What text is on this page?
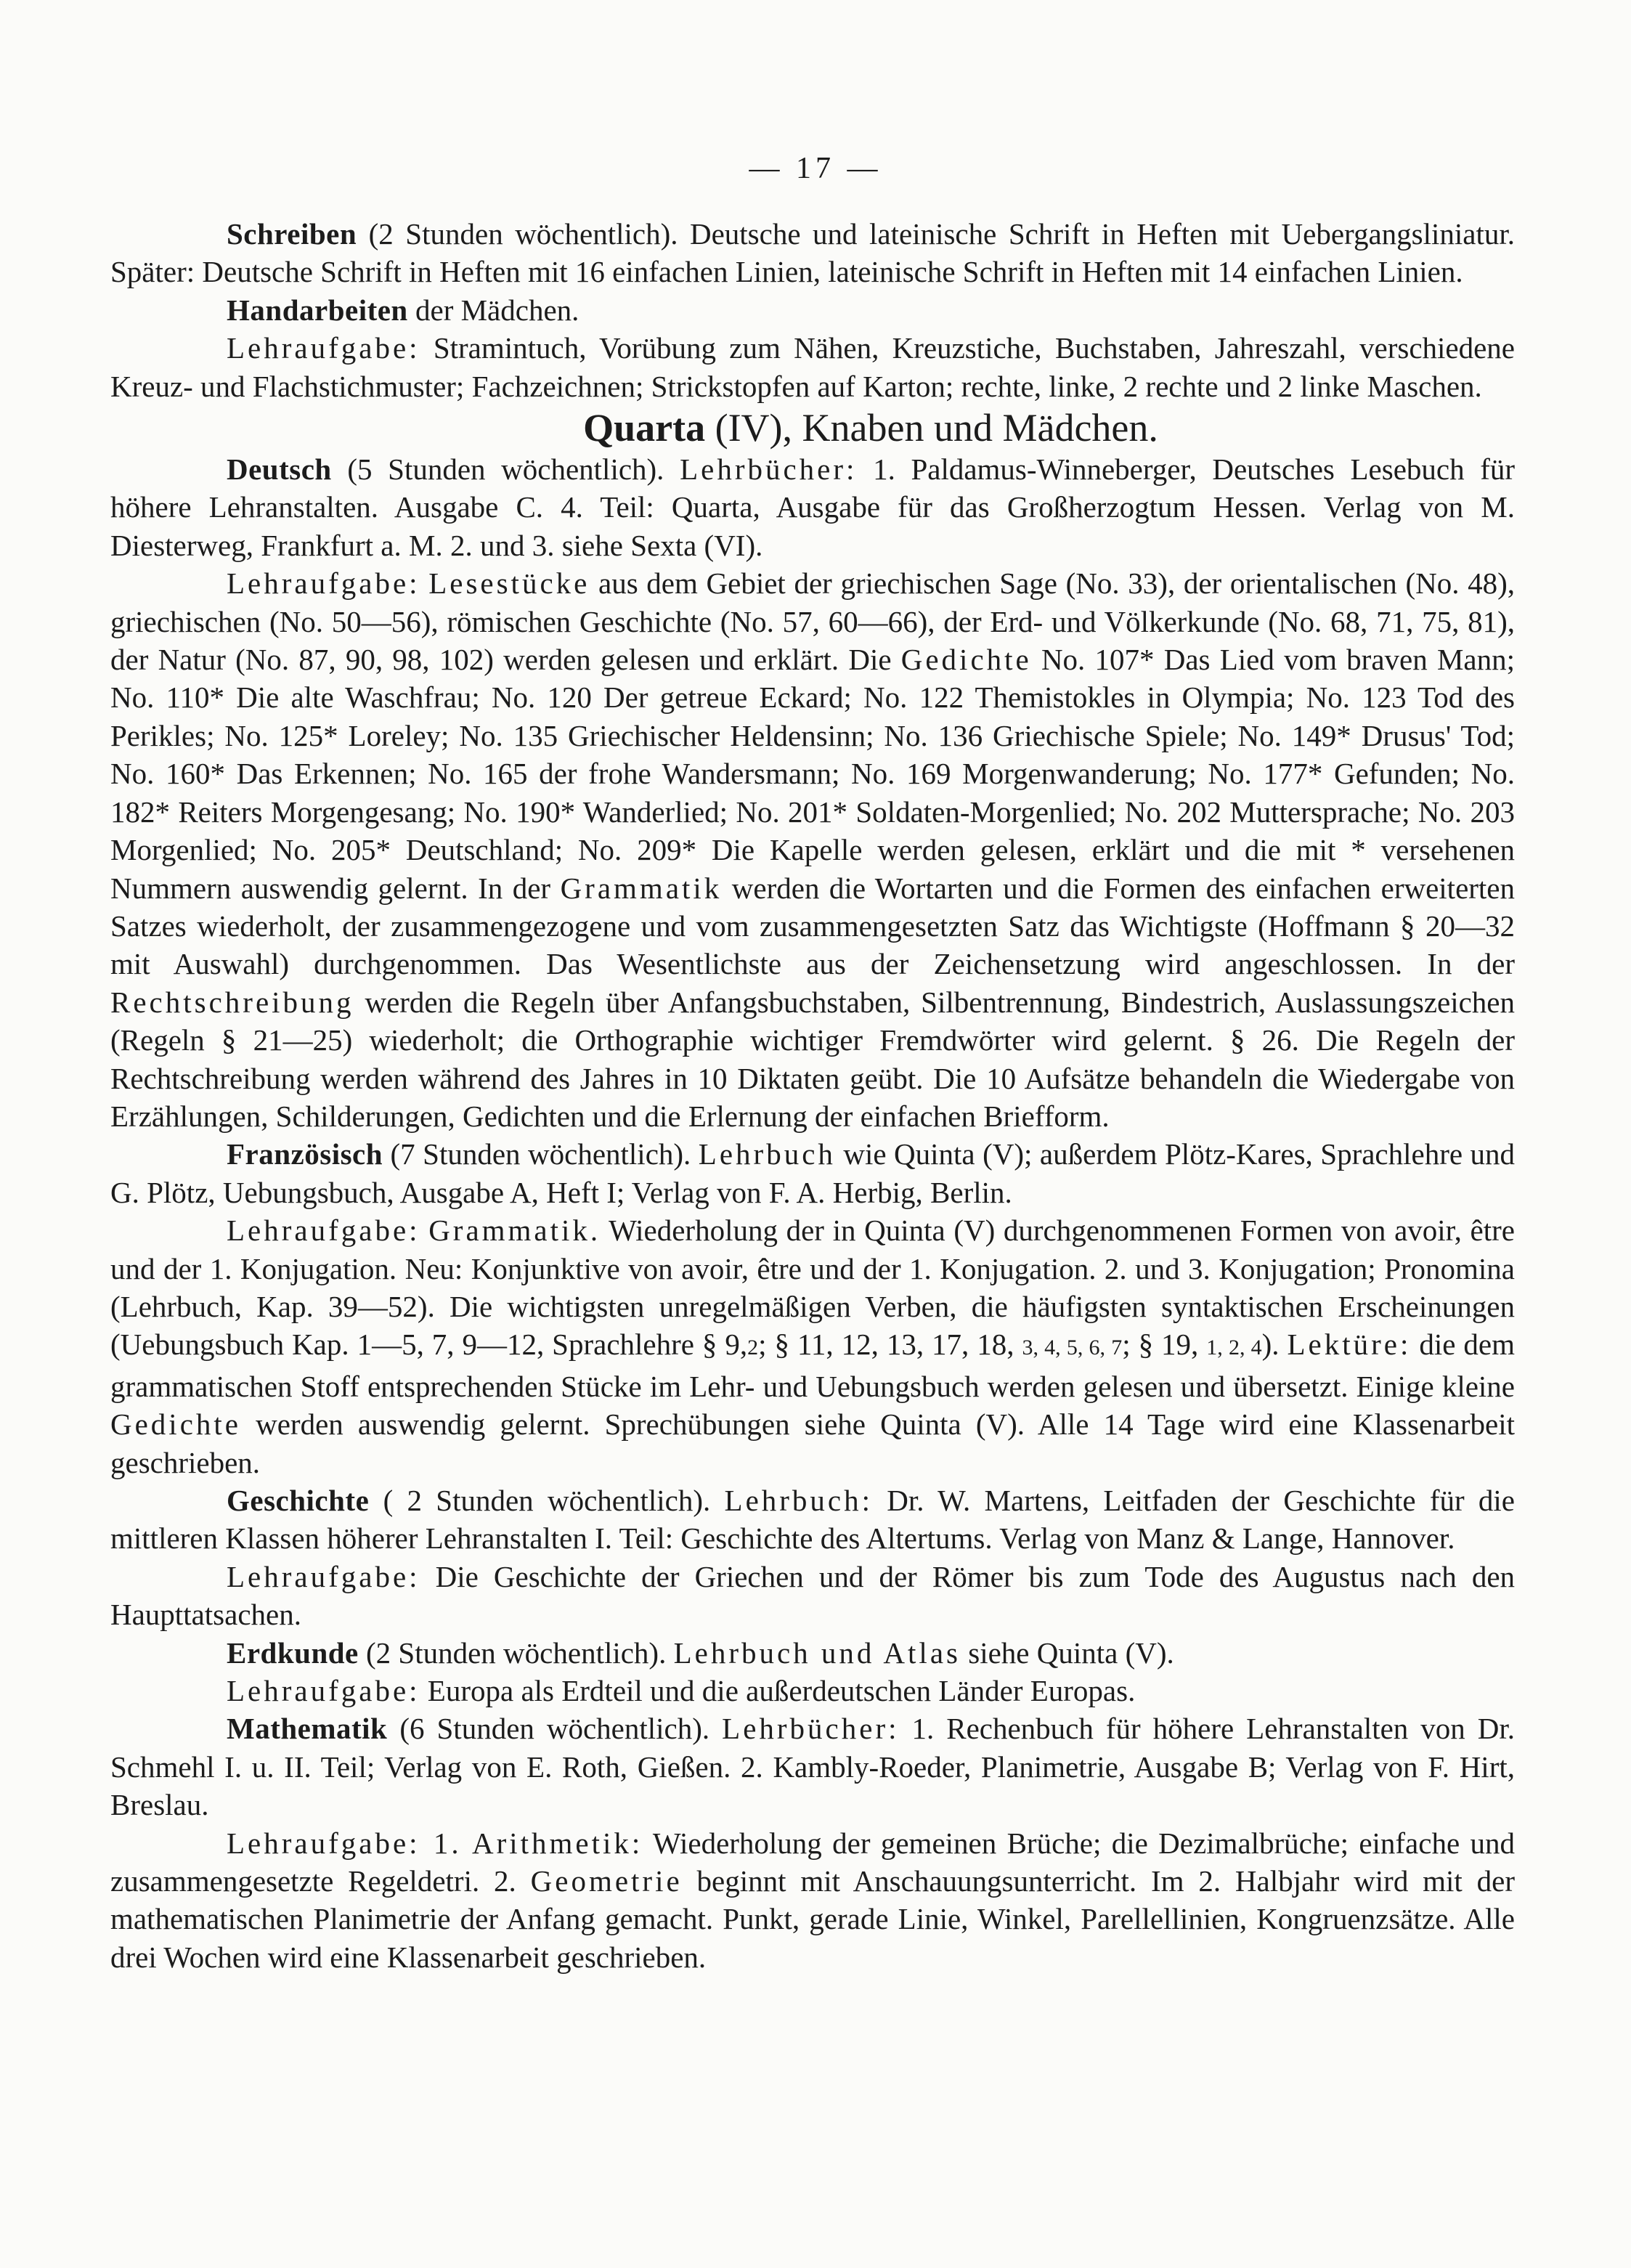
— 17 —

Schreiben (2 Stunden wöchentlich). Deutsche und lateinische Schrift in Heften mit Uebergangsliniatur. Später: Deutsche Schrift in Heften mit 16 einfachen Linien, lateinische Schrift in Heften mit 14 einfachen Linien.

Handarbeiten der Mädchen.

Lehraufgabe: Stramintuch, Vorübung zum Nähen, Kreuzstiche, Buchstaben, Jahreszahl, verschiedene Kreuz- und Flachstichmuster; Fachzeichnen; Strickstopfen auf Karton; rechte, linke, 2 rechte und 2 linke Maschen.

Quarta (IV), Knaben und Mädchen.

Deutsch (5 Stunden wöchentlich). Lehrbücher: 1. Paldamus-Winneberger, Deutsches Lesebuch für höhere Lehranstalten. Ausgabe C. 4. Teil: Quarta, Ausgabe für das Großherzogtum Hessen. Verlag von M. Diesterweg, Frankfurt a. M. 2. und 3. siehe Sexta (VI).

Lehraufgabe: Lesestücke aus dem Gebiet der griechischen Sage (No. 33), der orientalischen (No. 48), griechischen (No. 50—56), römischen Geschichte (No. 57, 60—66), der Erd- und Völkerkunde (No. 68, 71, 75, 81), der Natur (No. 87, 90, 98, 102) werden gelesen und erklärt. Die Gedichte No. 107* Das Lied vom braven Mann; No. 110* Die alte Waschfrau; No. 120 Der getreue Eckard; No. 122 Themistokles in Olympia; No. 123 Tod des Perikles; No. 125* Loreley; No. 135 Griechischer Heldensinn; No. 136 Griechische Spiele; No. 149* Drusus' Tod; No. 160* Das Erkennen; No. 165 der frohe Wandersmann; No. 169 Morgenwanderung; No. 177* Gefunden; No. 182* Reiters Morgengesang; No. 190* Wanderlied; No. 201* Soldaten-Morgenlied; No. 202 Muttersprache; No. 203 Morgenlied; No. 205* Deutschland; No. 209* Die Kapelle werden gelesen, erklärt und die mit * versehenen Nummern auswendig gelernt. In der Grammatik werden die Wortarten und die Formen des einfachen erweiterten Satzes wiederholt, der zusammengezogene und vom zusammengesetzten Satz das Wichtigste (Hoffmann § 20—32 mit Auswahl) durchgenommen. Das Wesentlichste aus der Zeichensetzung wird angeschlossen. In der Rechtschreibung werden die Regeln über Anfangsbuchstaben, Silbentrennung, Bindestrich, Auslassungszeichen (Regeln § 21—25) wiederholt; die Orthographie wichtiger Fremdwörter wird gelernt. § 26. Die Regeln der Rechtschreibung werden während des Jahres in 10 Diktaten geübt. Die 10 Aufsätze behandeln die Wiedergabe von Erzählungen, Schilderungen, Gedichten und die Erlernung der einfachen Briefform.

Französisch (7 Stunden wöchentlich). Lehrbuch wie Quinta (V); außerdem Plötz-Kares, Sprachlehre und G. Plötz, Uebungsbuch, Ausgabe A, Heft I; Verlag von F. A. Herbig, Berlin.

Lehraufgabe: Grammatik. Wiederholung der in Quinta (V) durchgenommenen Formen von avoir, être und der 1. Konjugation. Neu: Konjunktive von avoir, être und der 1. Konjugation. 2. und 3. Konjugation; Pronomina (Lehrbuch, Kap. 39—52). Die wichtigsten unregelmäßigen Verben, die häufigsten syntaktischen Erscheinungen (Uebungsbuch Kap. 1—5, 7, 9—12, Sprachlehre § 9,2; § 11, 12, 13, 17, 18, 3, 4, 5, 6, 7; § 19, 1, 2, 4). Lektüre: die dem grammatischen Stoff entsprechenden Stücke im Lehr- und Uebungsbuch werden gelesen und übersetzt. Einige kleine Gedichte werden auswendig gelernt. Sprechübungen siehe Quinta (V). Alle 14 Tage wird eine Klassenarbeit geschrieben.

Geschichte ( 2 Stunden wöchentlich). Lehrbuch: Dr. W. Martens, Leitfaden der Geschichte für die mittleren Klassen höherer Lehranstalten I. Teil: Geschichte des Altertums. Verlag von Manz & Lange, Hannover.

Lehraufgabe: Die Geschichte der Griechen und der Römer bis zum Tode des Augustus nach den Haupttatsachen.

Erdkunde (2 Stunden wöchentlich). Lehrbuch und Atlas siehe Quinta (V).

Lehraufgabe: Europa als Erdteil und die außerdeutschen Länder Europas.

Mathematik (6 Stunden wöchentlich). Lehrbücher: 1. Rechenbuch für höhere Lehranstalten von Dr. Schmehl I. u. II. Teil; Verlag von E. Roth, Gießen. 2. Kambly-Roeder, Planimetrie, Ausgabe B; Verlag von F. Hirt, Breslau.

Lehraufgabe: 1. Arithmetik: Wiederholung der gemeinen Brüche; die Dezimalbrüche; einfache und zusammengesetzte Regeldetri. 2. Geometrie beginnt mit Anschauungsunterricht. Im 2. Halbjahr wird mit der mathematischen Planimetrie der Anfang gemacht. Punkt, gerade Linie, Winkel, Parellellinien, Kongruenzsätze. Alle drei Wochen wird eine Klassenarbeit geschrieben.
